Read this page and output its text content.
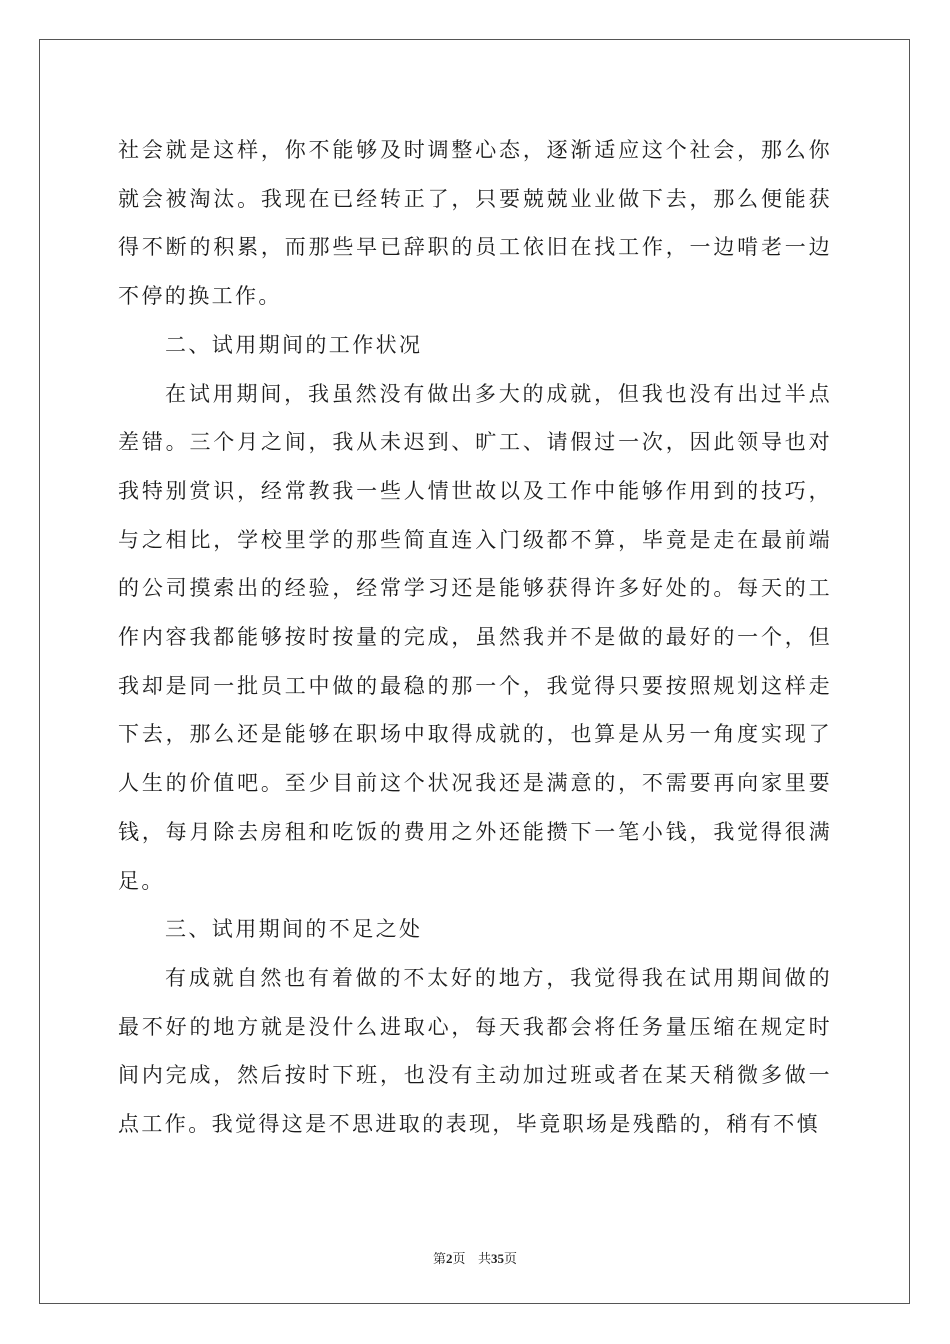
社会就是这样，你不能够及时调整心态，逐渐适应这个社会，那么你就会被淘汰。我现在已经转正了，只要兢兢业业做下去，那么便能获得不断的积累，而那些早已辞职的员工依旧在找工作，一边啃老一边不停的换工作。

二、试用期间的工作状况

在试用期间，我虽然没有做出多大的成就，但我也没有出过半点差错。三个月之间，我从未迟到、旷工、请假过一次，因此领导也对我特别赏识，经常教我一些人情世故以及工作中能够作用到的技巧，与之相比，学校里学的那些简直连入门级都不算，毕竟是走在最前端的公司摸索出的经验，经常学习还是能够获得许多好处的。每天的工作内容我都能够按时按量的完成，虽然我并不是做的最好的一个，但我却是同一批员工中做的最稳的那一个，我觉得只要按照规划这样走下去，那么还是能够在职场中取得成就的，也算是从另一角度实现了人生的价值吧。至少目前这个状况我还是满意的，不需要再向家里要钱，每月除去房租和吃饭的费用之外还能攒下一笔小钱，我觉得很满足。

三、试用期间的不足之处

有成就自然也有着做的不太好的地方，我觉得我在试用期间做的最不好的地方就是没什么进取心，每天我都会将任务量压缩在规定时间内完成，然后按时下班，也没有主动加过班或者在某天稍微多做一点工作。我觉得这是不思进取的表现，毕竟职场是残酷的，稍有不慎

第2页 共35页
